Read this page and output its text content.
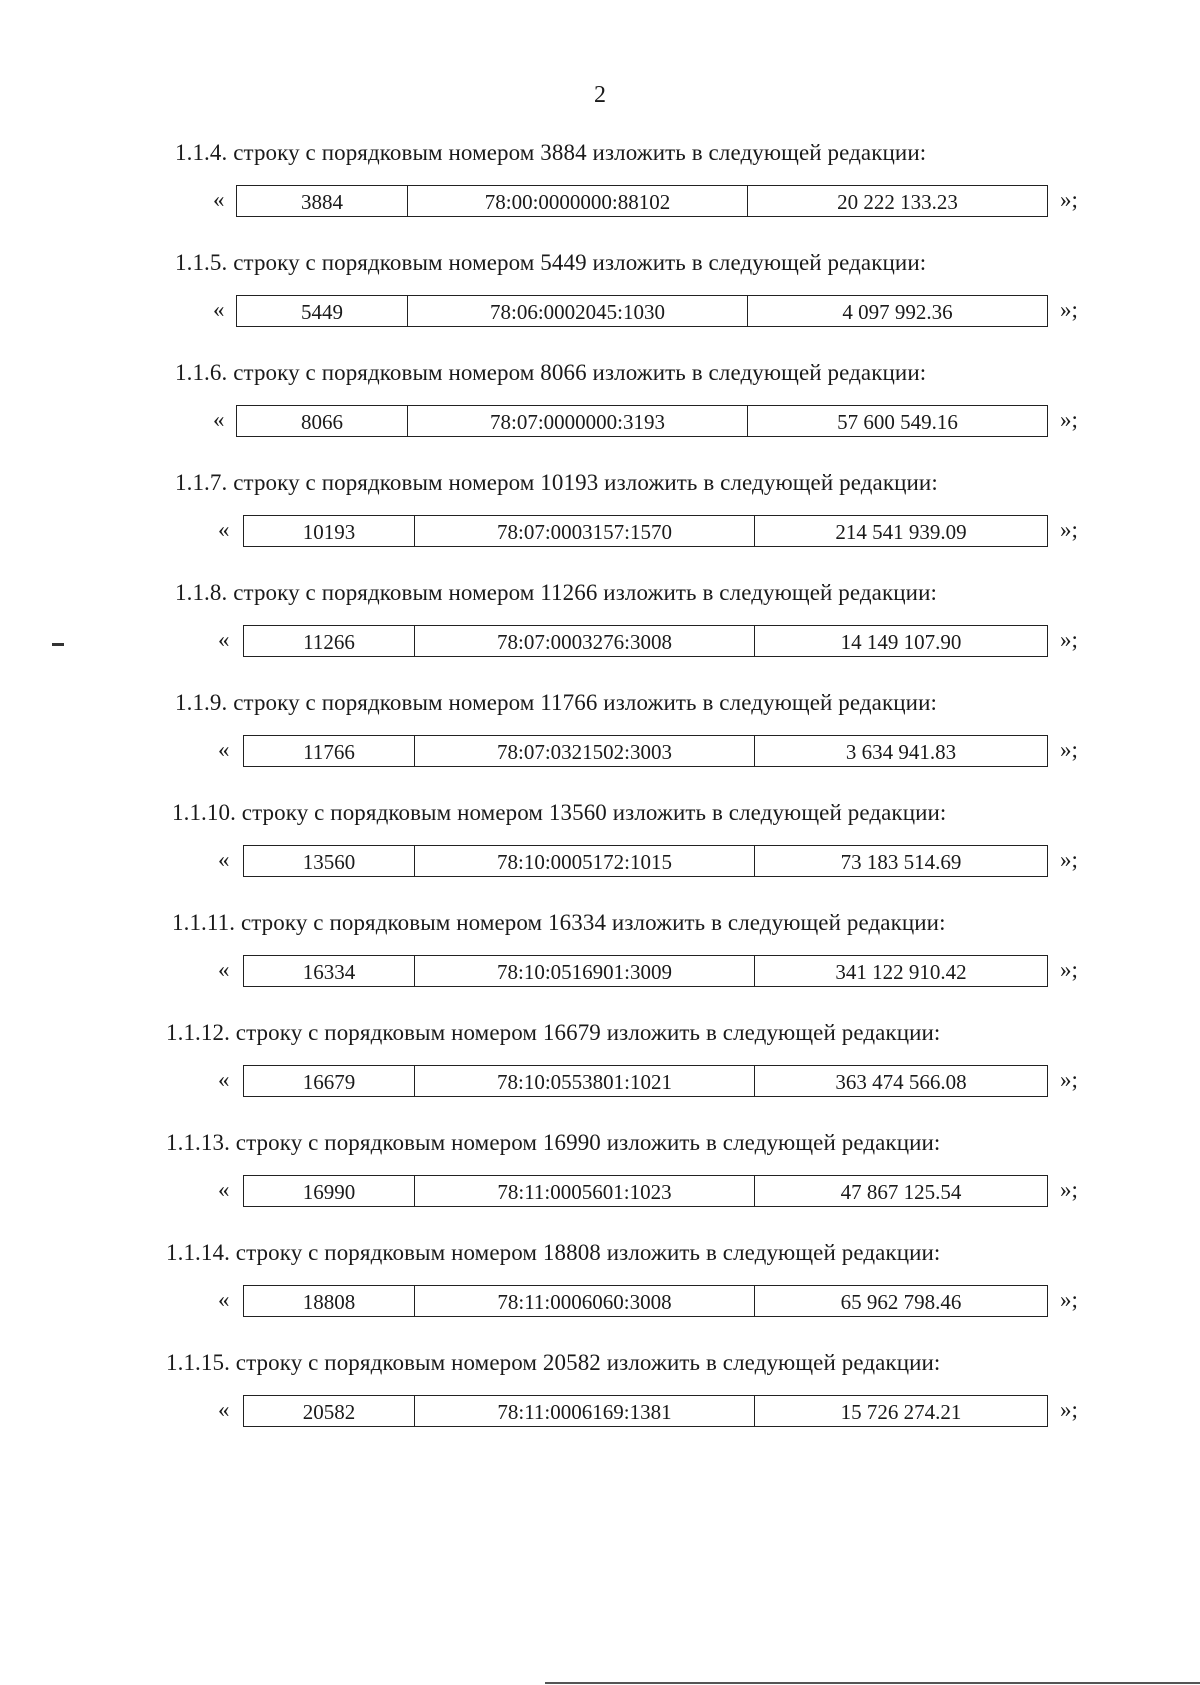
2
1.1.4. строку с порядковым номером 3884 изложить в следующей редакции:
«	3884	78:00:0000000:88102	20 222 133.23	»;
1.1.5. строку с порядковым номером 5449 изложить в следующей редакции:
«	5449	78:06:0002045:1030	4 097 992.36	»;
1.1.6. строку с порядковым номером 8066 изложить в следующей редакции:
«	8066	78:07:0000000:3193	57 600 549.16	»;
1.1.7. строку с порядковым номером 10193 изложить в следующей редакции:
«	10193	78:07:0003157:1570	214 541 939.09	»;
1.1.8. строку с порядковым номером 11266 изложить в следующей редакции:
«	11266	78:07:0003276:3008	14 149 107.90	»;
1.1.9. строку с порядковым номером 11766 изложить в следующей редакции:
«	11766	78:07:0321502:3003	3 634 941.83	»;
1.1.10. строку с порядковым номером 13560 изложить в следующей редакции:
«	13560	78:10:0005172:1015	73 183 514.69	»;
1.1.11. строку с порядковым номером 16334 изложить в следующей редакции:
«	16334	78:10:0516901:3009	341 122 910.42	»;
1.1.12. строку с порядковым номером 16679 изложить в следующей редакции:
«	16679	78:10:0553801:1021	363 474 566.08	»;
1.1.13. строку с порядковым номером 16990 изложить в следующей редакции:
«	16990	78:11:0005601:1023	47 867 125.54	»;
1.1.14. строку с порядковым номером 18808 изложить в следующей редакции:
«	18808	78:11:0006060:3008	65 962 798.46	»;
1.1.15. строку с порядковым номером 20582 изложить в следующей редакции:
«	20582	78:11:0006169:1381	15 726 274.21	»;
